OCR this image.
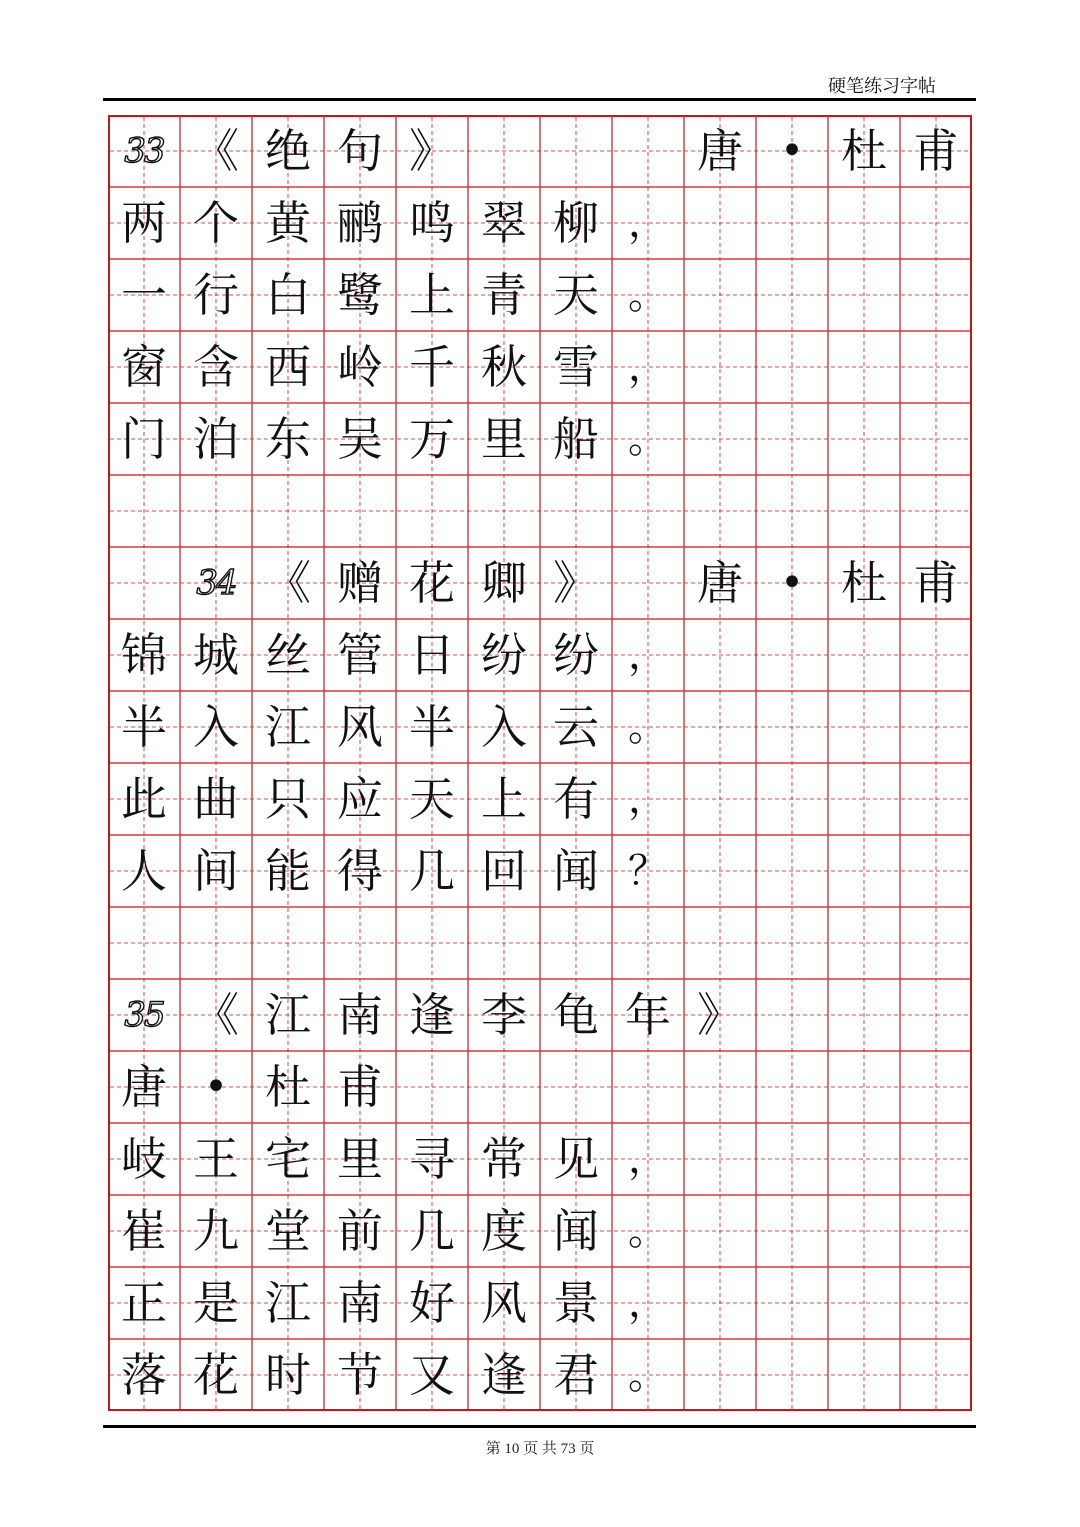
硬笔练习字帖
33 《 绝 句 》	唐 • 杜 甫
两 个 黄 鹂 鸣 翠 柳 ，
一 行 白 鹭 上 青 天 。
窗 含 西 岭 千 秋 雪 ，
门 泊 东 吴 万 里 船 。
34 《 赠 花 卿 》 唐 • 杜 甫
锦 城 丝 管 日 纷 纷 ，
半 入 江 风 半 入 云 。
此 曲 只 应 天 上 有 ，
人 间 能 得 几 回 闻 ？
35 《 江 南 逢 李 龟 年 》
唐 • 杜 甫
岐 王 宅 里 寻 常 见 ，
崔 九 堂 前 几 度 闻 。
正 是 江 南 好 风 景 ，
落 花 时 节 又 逢 君 。
第 10 页 共 73 页
